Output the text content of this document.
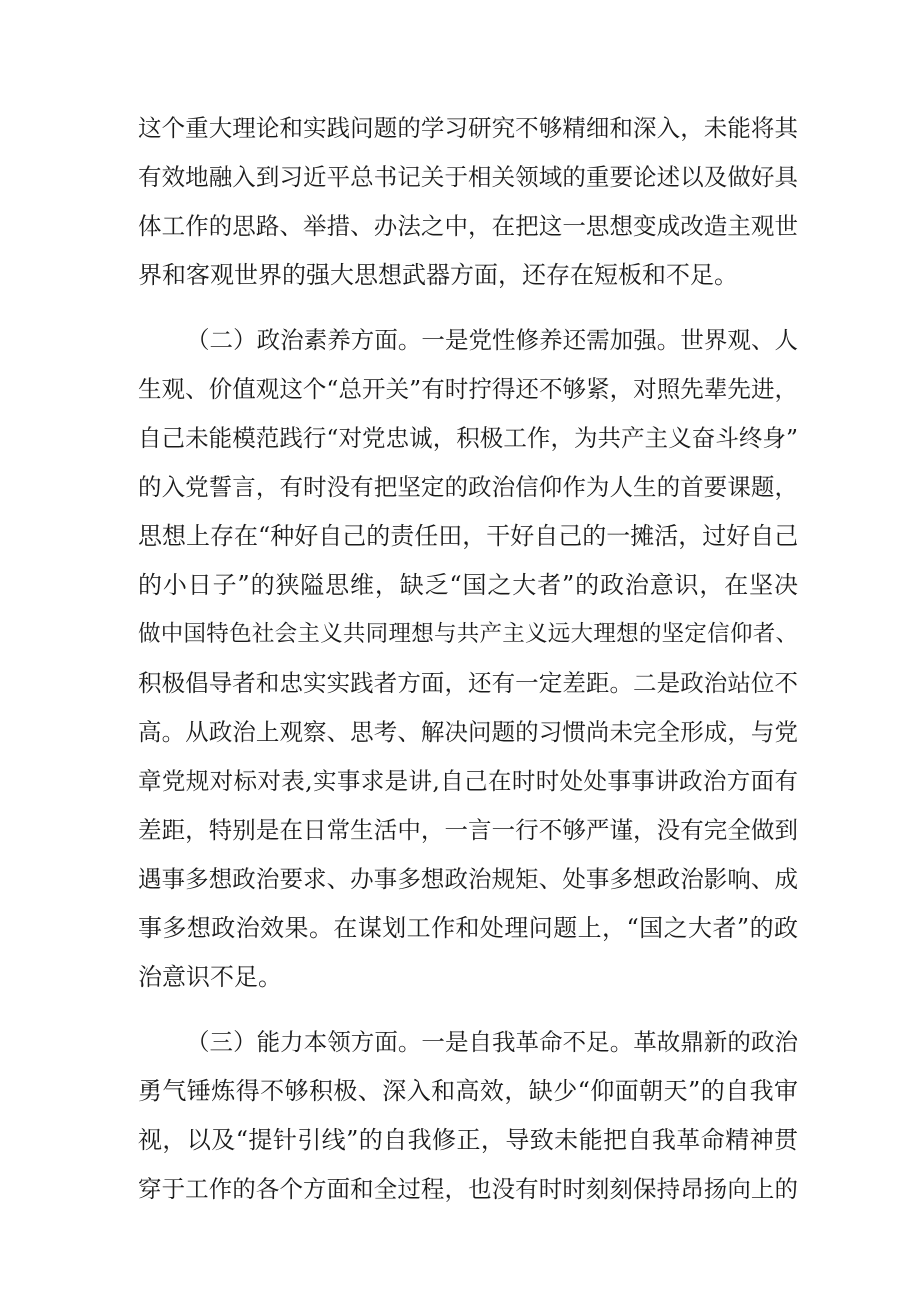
这个重大理论和实践问题的学习研究不够精细和深入，未能将其
有效地融入到习近平总书记关于相关领域的重要论述以及做好具
体工作的思路、举措、办法之中，在把这一思想变成改造主观世
界和客观世界的强大思想武器方面，还存在短板和不足。
（二）政治素养方面。一是党性修养还需加强。世界观、人
生观、价值观这个“总开关”有时拧得还不够紧，对照先辈先进，
自己未能模范践行“对党忠诚，积极工作，为共产主义奋斗终身”
的入党誓言，有时没有把坚定的政治信仰作为人生的首要课题，
思想上存在“种好自己的责任田，干好自己的一摊活，过好自己
的小日子”的狭隘思维，缺乏“国之大者”的政治意识，在坚决
做中国特色社会主义共同理想与共产主义远大理想的坚定信仰者、
积极倡导者和忠实实践者方面，还有一定差距。二是政治站位不
高。从政治上观察、思考、解决问题的习惯尚未完全形成，与党
章党规对标对表,实事求是讲,自己在时时处处事事讲政治方面有
差距，特别是在日常生活中，一言一行不够严谨，没有完全做到
遇事多想政治要求、办事多想政治规矩、处事多想政治影响、成
事多想政治效果。在谋划工作和处理问题上，“国之大者”的政
治意识不足。
（三）能力本领方面。一是自我革命不足。革故鼎新的政治
勇气锤炼得不够积极、深入和高效，缺少“仰面朝天”的自我审
视，以及“提针引线”的自我修正，导致未能把自我革命精神贯
穿于工作的各个方面和全过程，也没有时时刻刻保持昂扬向上的
